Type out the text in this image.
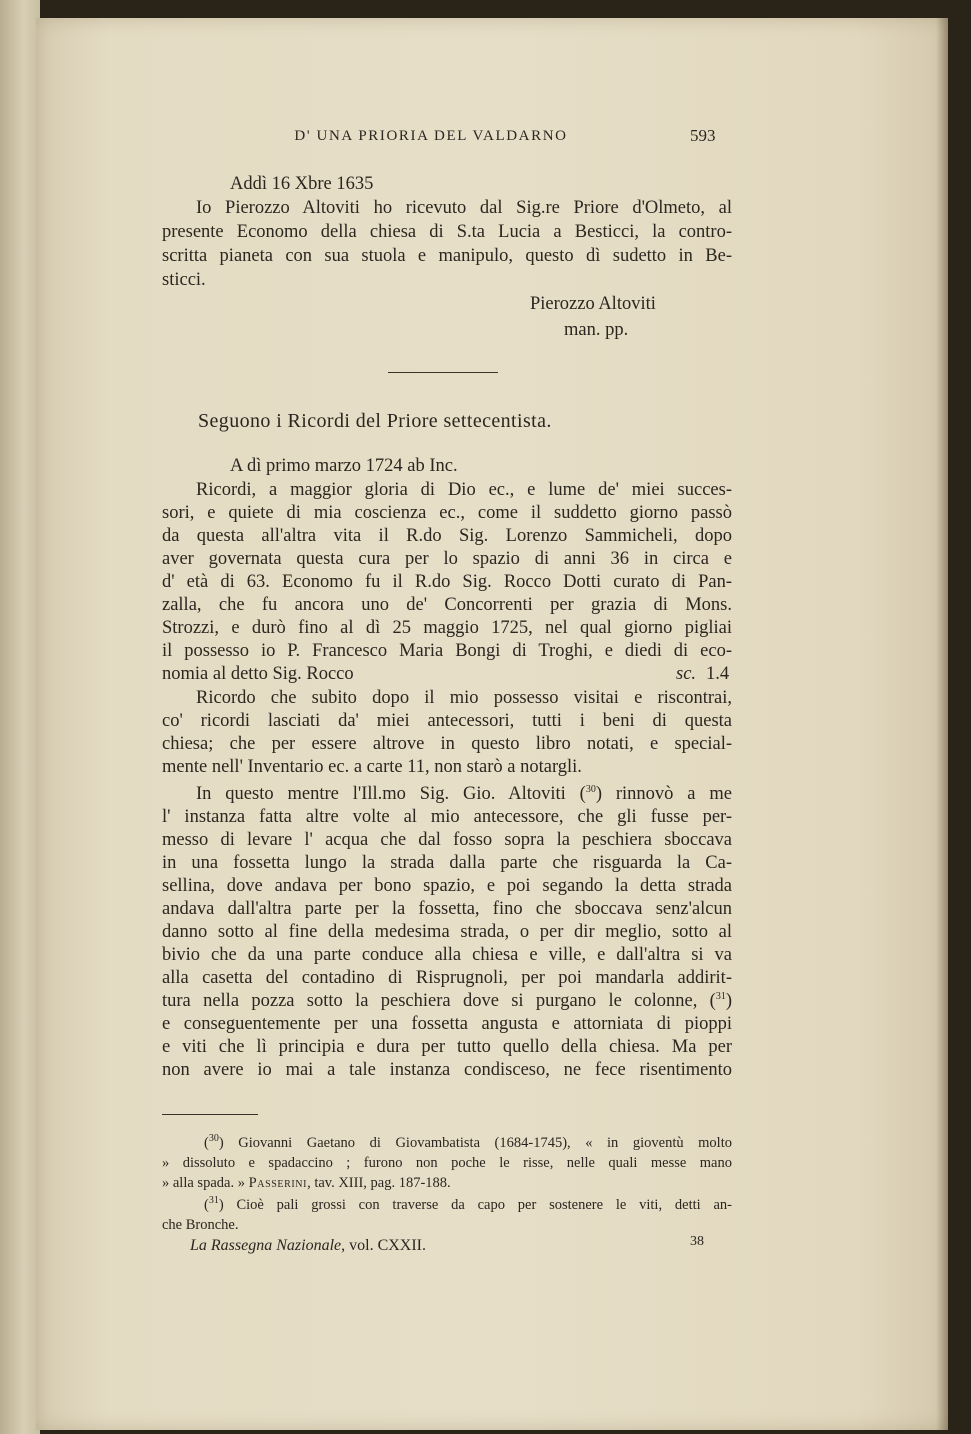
D' UNA PRIORIA DEL VALDARNO	593
Addì 16 Xbre 1635
Io Pierozzo Altoviti ho ricevuto dal Sig.re Priore d'Olmeto, al
presente Economo della chiesa di S.ta Lucia a Besticci, la contro-
scritta pianeta con sua stuola e manipulo, questo dì sudetto in Be-
sticci.
Pierozzo Altoviti
man. pp.
Seguono i Ricordi del Priore settecentista.
A dì primo marzo 1724 ab Inc.
Ricordi, a maggior gloria di Dio ec., e lume de' miei succes-
sori, e quiete di mia coscienza ec., come il suddetto giorno passò
da questa all'altra vita il R.do Sig. Lorenzo Sammicheli, dopo
aver governata questa cura per lo spazio di anni 36 in circa e
d' età di 63. Economo fu il R.do Sig. Rocco Dotti curato di Pan-
zalla, che fu ancora uno de' Concorrenti per grazia di Mons.
Strozzi, e durò fino al dì 25 maggio 1725, nel qual giorno pigliai
il possesso io P. Francesco Maria Bongi di Troghi, e diedi di eco-
nomia al detto Sig. Rocco	sc. 1.4
Ricordo che subito dopo il mio possesso visitai e riscontrai,
co' ricordi lasciati da' miei antecessori, tutti i beni di questa
chiesa; che per essere altrove in questo libro notati, e special-
mente nell' Inventario ec. a carte 11, non starò a notargli.
In questo mentre l'Ill.mo Sig. Gio. Altoviti ($^{30}$) rinnovò a me
l' instanza fatta altre volte al mio antecessore, che gli fusse per-
messo di levare l' acqua che dal fosso sopra la peschiera sboccava
in una fossetta lungo la strada dalla parte che risguarda la Ca-
sellina, dove andava per bono spazio, e poi segando la detta strada
andava dall'altra parte per la fossetta, fino che sboccava senz'alcun
danno sotto al fine della medesima strada, o per dir meglio, sotto al
bivio che da una parte conduce alla chiesa e ville, e dall'altra si va
alla casetta del contadino di Risprugnoli, per poi mandarla addirit-
tura nella pozza sotto la peschiera dove si purgano le colonne, ($^{31}$)
e conseguentemente per una fossetta angusta e attorniata di pioppi
e viti che lì principia e dura per tutto quello della chiesa. Ma per
non avere io mai a tale instanza condisceso, ne fece risentimento
($^{30}$) Giovanni Gaetano di Giovambatista (1684-1745), « in gioventù molto
» dissoluto e spadaccino ; furono non poche le risse, nelle quali messe mano
» alla spada. » Passerini, tav. XIII, pag. 187-188.
($^{31}$) Cioè pali grossi con traverse da capo per sostenere le viti, detti an-
che Bronche.
La Rassegna Nazionale, vol. CXXII.	38
